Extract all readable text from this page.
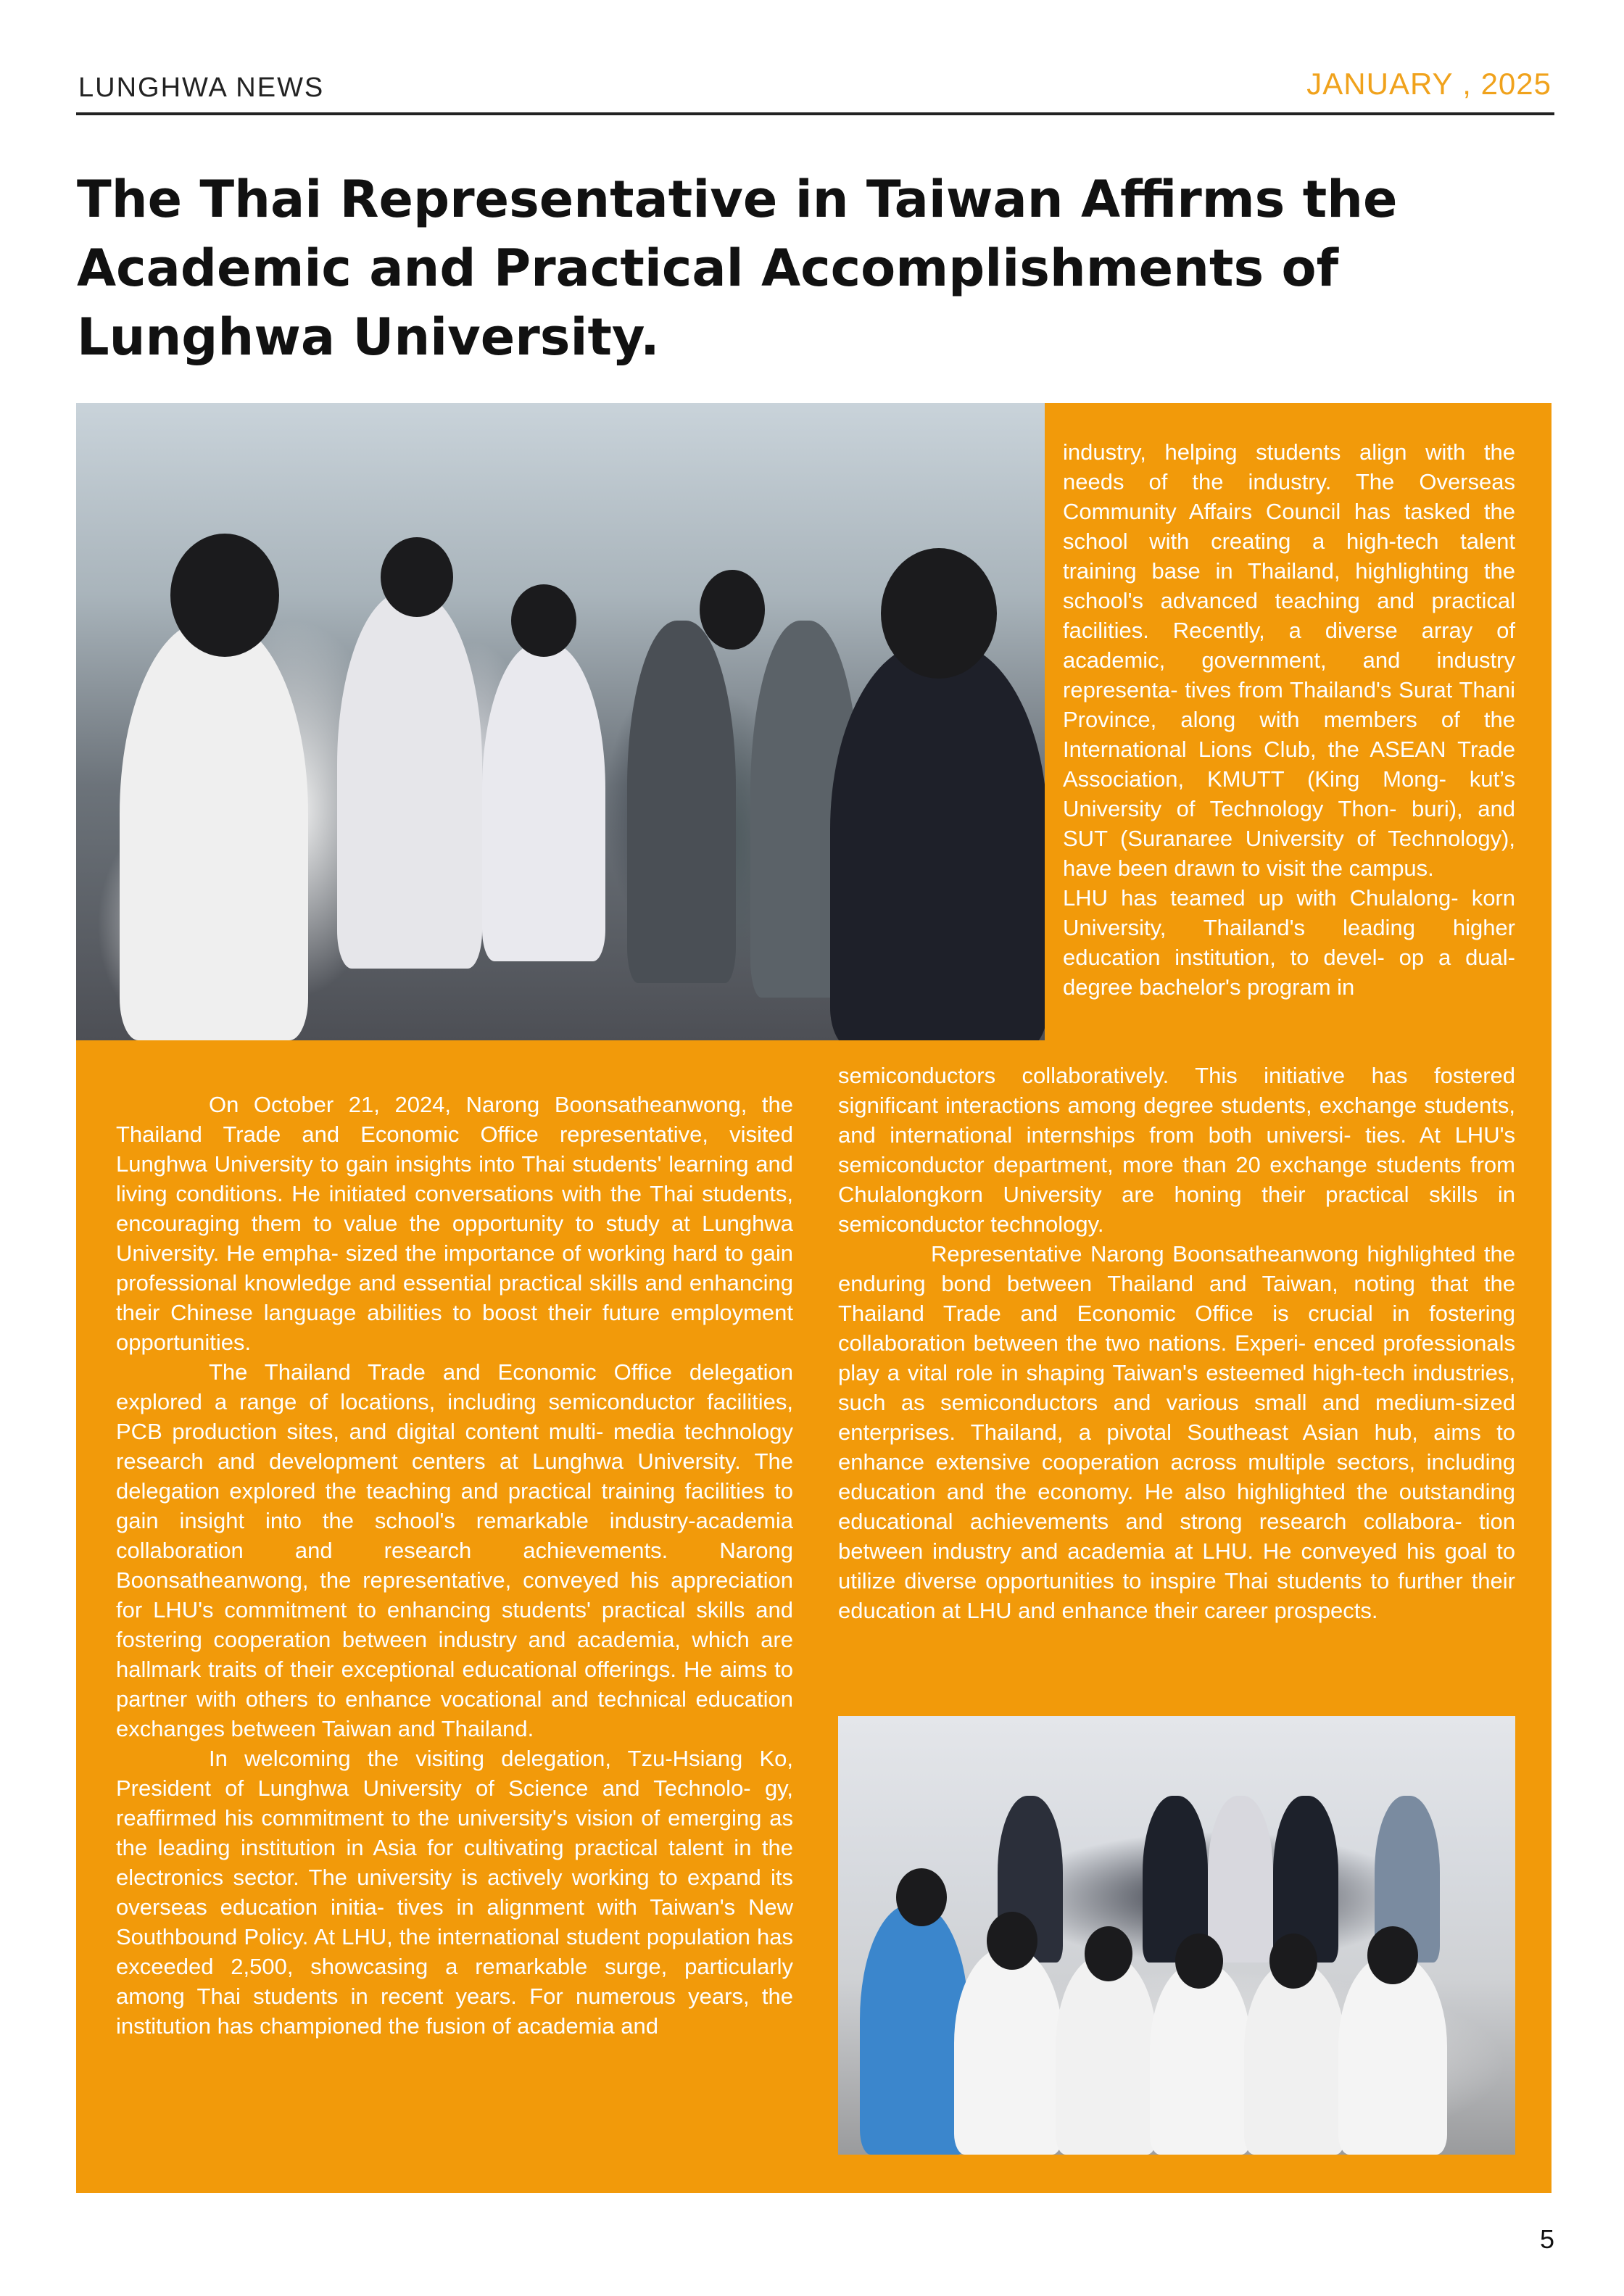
LUNGHWA NEWS	JANUARY , 2025
The Thai Representative in Taiwan Affirms the Academic and Practical Accomplishments of Lunghwa University.

industry, helping students align with the needs of the industry. The Overseas Community Affairs Council has tasked the school with creating a high-tech talent training base in Thailand, highlighting the school's advanced teaching and practical facilities. Recently, a diverse array of academic, government, and industry representa- tives from Thailand's Surat Thani Province, along with members of the International Lions Club, the ASEAN Trade Association, KMUTT (King Mong- kut’s University of Technology Thon- buri), and SUT (Suranaree University of Technology), have been drawn to visit the campus.

LHU has teamed up with Chulalong- korn University, Thailand's leading higher education institution, to devel- op a dual-degree bachelor's program in

semiconductors collaboratively. This initiative has fostered significant interactions among degree students, exchange students, and international internships from both universi- ties. At LHU's semiconductor department, more than 20 exchange students from Chulalongkorn University are honing their practical skills in semiconductor technology.

Representative Narong Boonsatheanwong highlighted the enduring bond between Thailand and Taiwan, noting that the Thailand Trade and Economic Office is crucial in fostering collaboration between the two nations. Experi- enced professionals play a vital role in shaping Taiwan's esteemed high-tech industries, such as semiconductors and various small and medium-sized enterprises. Thailand, a pivotal Southeast Asian hub, aims to enhance extensive cooperation across multiple sectors, including education and the economy. He also highlighted the outstanding educational achievements and strong research collabora- tion between industry and academia at LHU. He conveyed his goal to utilize diverse opportunities to inspire Thai students to further their education at LHU and enhance their career prospects.

On October 21, 2024, Narong Boonsatheanwong, the Thailand Trade and Economic Office representative, visited Lunghwa University to gain insights into Thai students' learning and living conditions. He initiated conversations with the Thai students, encouraging them to value the opportunity to study at Lunghwa University. He empha- sized the importance of working hard to gain professional knowledge and essential practical skills and enhancing their Chinese language abilities to boost their future employment opportunities.

The Thailand Trade and Economic Office delegation explored a range of locations, including semiconductor facilities, PCB production sites, and digital content multi- media technology research and development centers at Lunghwa University. The delegation explored the teaching and practical training facilities to gain insight into the school's remarkable industry-academia collaboration and research achievements. Narong Boonsatheanwong, the representative, conveyed his appreciation for LHU's commitment to enhancing students' practical skills and fostering cooperation between industry and academia, which are hallmark traits of their exceptional educational offerings. He aims to partner with others to enhance vocational and technical education exchanges between Taiwan and Thailand.

In welcoming the visiting delegation, Tzu-Hsiang Ko, President of Lunghwa University of Science and Technolo- gy, reaffirmed his commitment to the university's vision of emerging as the leading institution in Asia for cultivating practical talent in the electronics sector. The university is actively working to expand its overseas education initia- tives in alignment with Taiwan's New Southbound Policy. At LHU, the international student population has exceeded 2,500, showcasing a remarkable surge, particularly among Thai students in recent years. For numerous years, the institution has championed the fusion of academia and

5
